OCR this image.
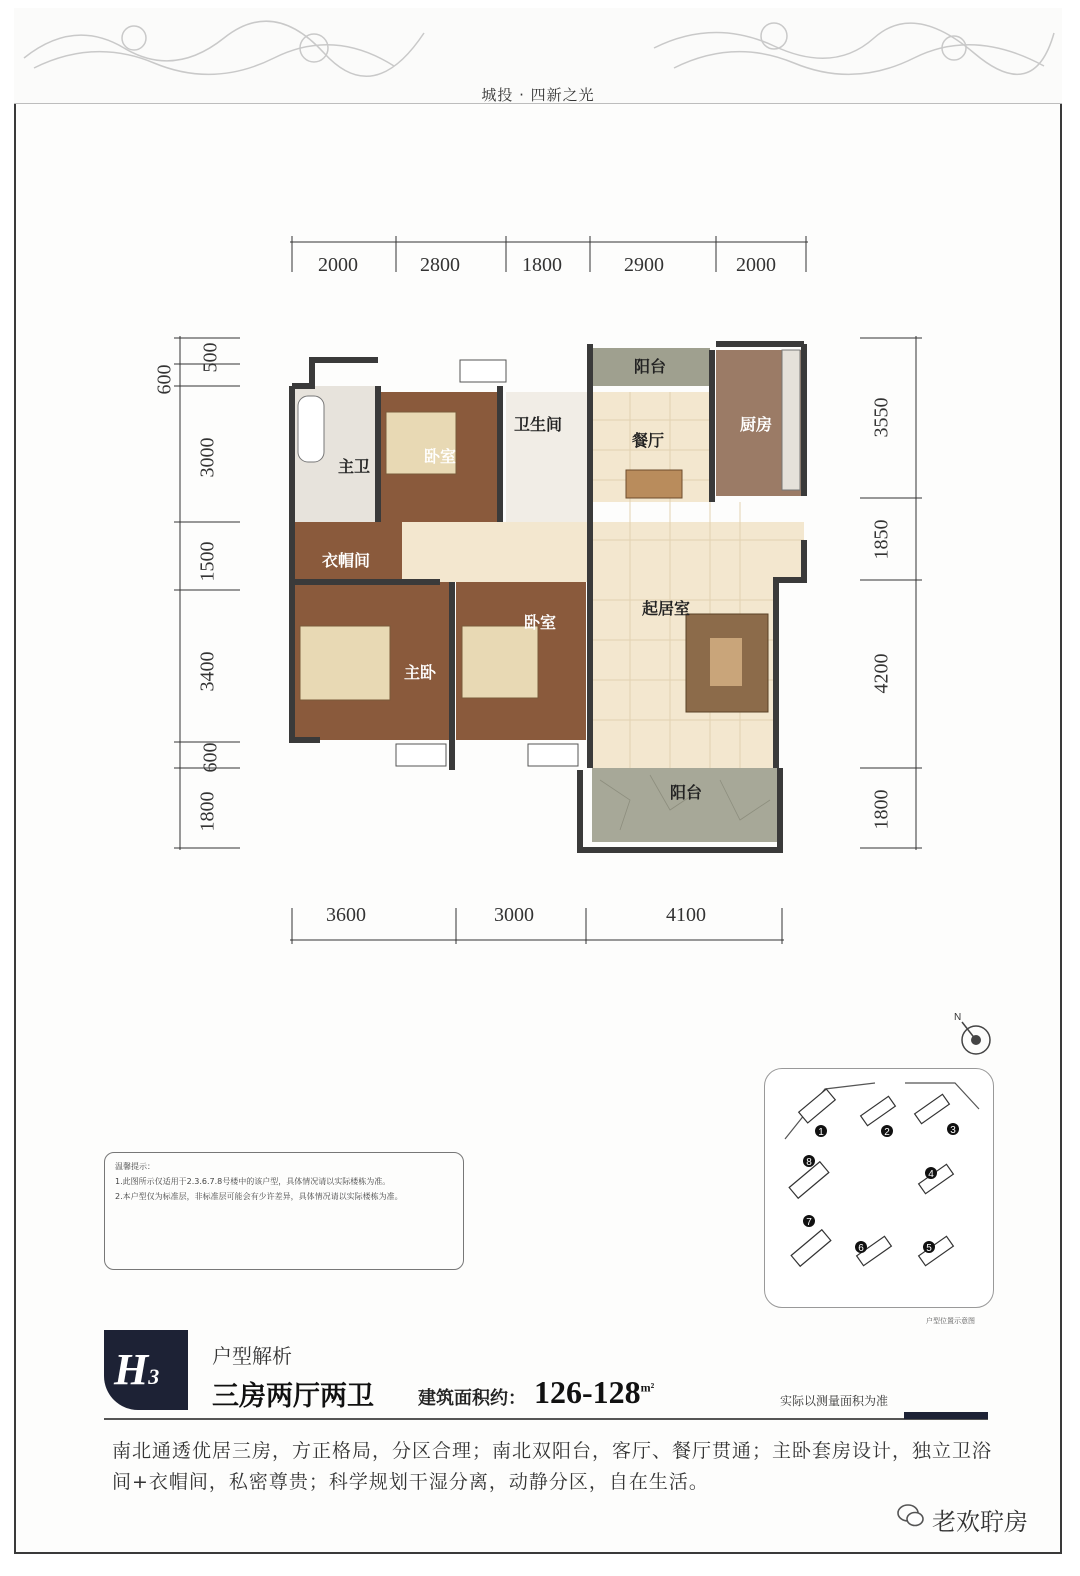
城投 · 四新之光
2000	2800	1800	2900	2000
3600	3000	4100
600
500
3000
1500
3400
600
1800
3550
1850
4200
1800
阳台
主卫
卧室
卫生间
餐厅
厨房
衣帽间
主卧
卧室
起居室
阳台
N
温馨提示：
1.此图所示仅适用于2.3.6.7.8号楼中的该户型，具体情况请以实际楼栋为准。
2.本户型仅为标准层，非标准层可能会有少许差异，具体情况请以实际楼栋为准。
1	2	3
4
5
6
7
8
户型位置示意图
H3
户型解析
三房两厅两卫 建筑面积约： $126-128^{m^2}$
实际以测量面积为准
南北通透优居三房，方正格局，分区合理；南北双阳台，客厅、餐厅贯通；主卧套房设计，独立卫浴间+衣帽间，私密尊贵；科学规划干湿分离，动静分区，自在生活。
老欢聍房
